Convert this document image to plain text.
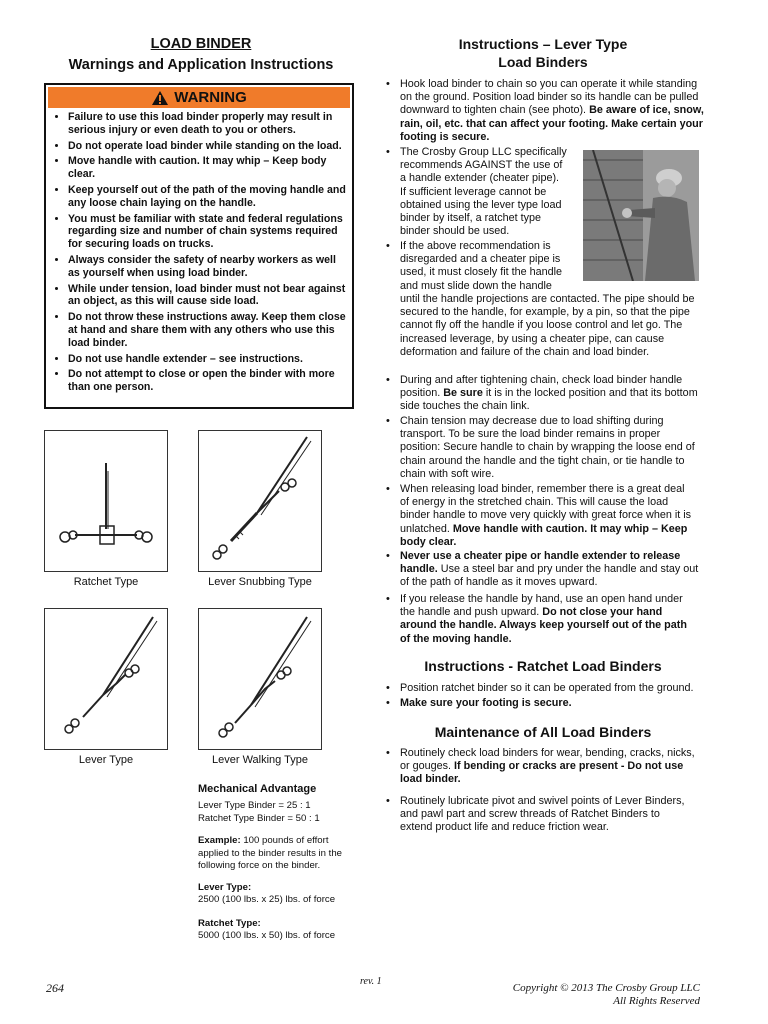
LOAD BINDER
Warnings and Application Instructions
WARNING
• Failure to use this load binder properly may result in serious injury or even death to you or others.
• Do not operate load binder while standing on the load.
• Move handle with caution. It may whip – Keep body clear.
• Keep yourself out of the path of the moving handle and any loose chain laying on the handle.
• You must be familiar with state and federal regulations regarding size and number of chain systems required for securing loads on trucks.
• Always consider the safety of nearby workers as well as yourself when using load binder.
• While under tension, load binder must not bear against an object, as this will cause side load.
• Do not throw these instructions away. Keep them close at hand and share them with any others who use this load binder.
• Do not use handle extender – see instructions.
• Do not attempt to close or open the binder with more than one person.
Ratchet Type	Lever Snubbing Type
Lever Type	Lever Walking Type
Mechanical Advantage
Lever Type Binder = 25 : 1
Ratchet Type Binder = 50 : 1
Example: 100 pounds of effort applied to the binder results in the following force on the binder.
Lever Type:
2500 (100 lbs. x 25) lbs. of force
Ratchet Type:
5000 (100 lbs. x 50) lbs. of force
Instructions – Lever Type
Load Binders
• Hook load binder to chain so you can operate it while standing on the ground. Position load binder so its handle can be pulled downward to tighten chain (see photo). Be aware of ice, snow, rain, oil, etc. that can affect your footing. Make certain your footing is secure.
• The Crosby Group LLC specifically
recommends AGAINST the use of
a handle extender (cheater pipe).
If sufficient leverage cannot be
obtained using the lever type load
binder by itself, a ratchet type
binder should be used.
• If the above recommendation is
disregarded and a cheater pipe is
used, it must closely fit the handle
and must slide down the handle
until the handle projections are contacted. The pipe should be secured to the handle, for example, by a pin, so that the pipe cannot fly off the handle if you loose control and let go. The increased leverage, by using a cheater pipe, can cause deformation and failure of the chain and load binder.
• During and after tightening chain, check load binder handle position. Be sure it is in the locked position and that its bottom side touches the chain link.
• Chain tension may decrease due to load shifting during transport. To be sure the load binder remains in proper position: Secure handle to chain by wrapping the loose end of chain around the handle and the tight chain, or tie handle to chain with soft wire.
• When releasing load binder, remember there is a great deal of energy in the stretched chain. This will cause the load binder handle to move very quickly with great force when it is unlatched. Move handle with caution. It may whip – Keep body clear.
• Never use a cheater pipe or handle extender to release handle. Use a steel bar and pry under the handle and stay out of the path of handle as it moves upward.
• If you release the handle by hand, use an open hand under the handle and push upward. Do not close your hand around the handle. Always keep yourself out of the path of the moving handle.
Instructions - Ratchet Load Binders
• Position ratchet binder so it can be operated from the ground.
• Make sure your footing is secure.
Maintenance of All Load Binders
• Routinely check load binders for wear, bending, cracks, nicks, or gouges. If bending or cracks are present - Do not use load binder.
• Routinely lubricate pivot and swivel points of Lever Binders, and pawl part and screw threads of Ratchet Binders to extend product life and reduce friction wear.
264	rev. 1
Copyright © 2013 The Crosby Group LLC
All Rights Reserved
